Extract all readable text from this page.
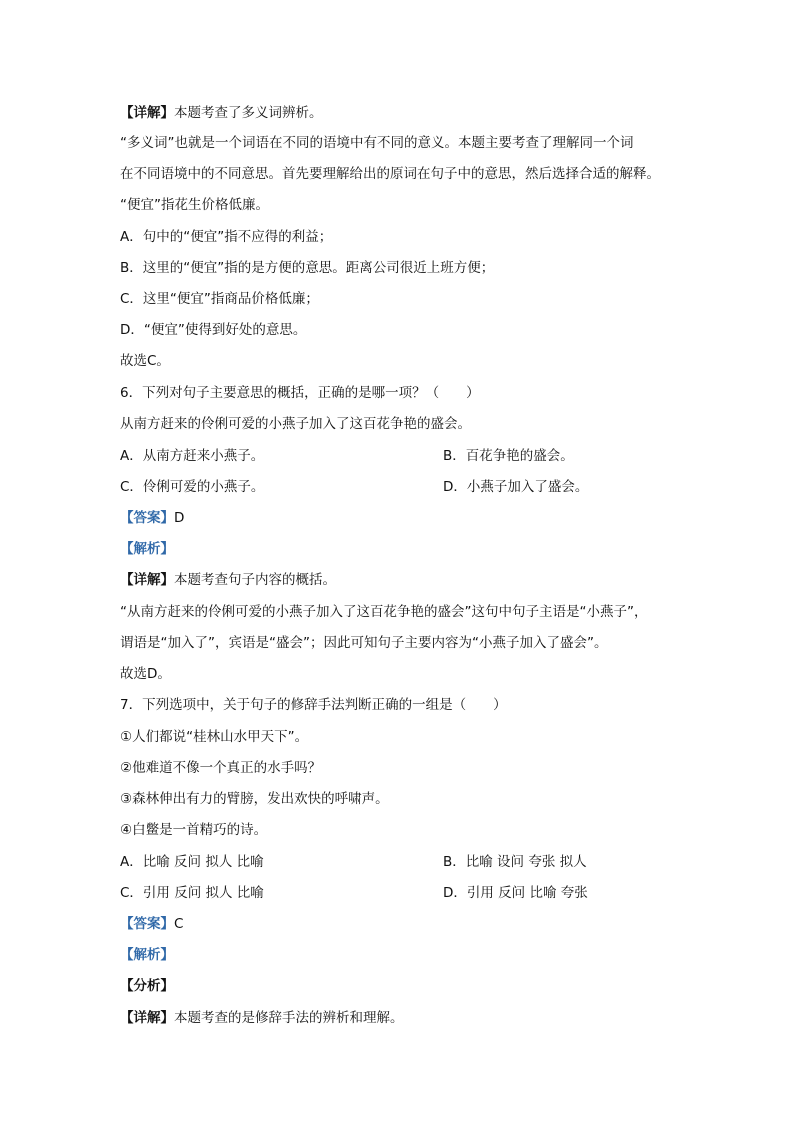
【详解】本题考查了多义词辨析。
“多义词”也就是一个词语在不同的语境中有不同的意义。本题主要考查了理解同一个词
在不同语境中的不同意思。首先要理解给出的原词在句子中的意思，然后选择合适的解释。
“便宜”指花生价格低廉。
A．句中的“便宜”指不应得的利益；
B．这里的“便宜”指的是方便的意思。距离公司很近上班方便；
C．这里“便宜”指商品价格低廉；
D．“便宜”使得到好处的意思。
故选C。
6．下列对句子主要意思的概括，正确的是哪一项？（　　）
从南方赶来的伶俐可爱的小燕子加入了这百花争艳的盛会。
A．从南方赶来小燕子。	B．百花争艳的盛会。
C．伶俐可爱的小燕子。	D．小燕子加入了盛会。
【答案】D
【解析】
【详解】本题考查句子内容的概括。
“从南方赶来的伶俐可爱的小燕子加入了这百花争艳的盛会”这句中句子主语是“小燕子”，
谓语是“加入了”，宾语是“盛会”；因此可知句子主要内容为“小燕子加入了盛会”。
故选D。
7．下列选项中，关于句子的修辞手法判断正确的一组是（　　）
①人们都说“桂林山水甲天下”。
②他难道不像一个真正的水手吗？
③森林伸出有力的臂膀，发出欢快的呼啸声。
④白鳖是一首精巧的诗。
A．比喻 反问 拟人 比喻	B．比喻 设问 夸张 拟人
C．引用 反问 拟人 比喻	D．引用 反问 比喻 夸张
【答案】C
【解析】
【分析】
【详解】本题考查的是修辞手法的辨析和理解。
